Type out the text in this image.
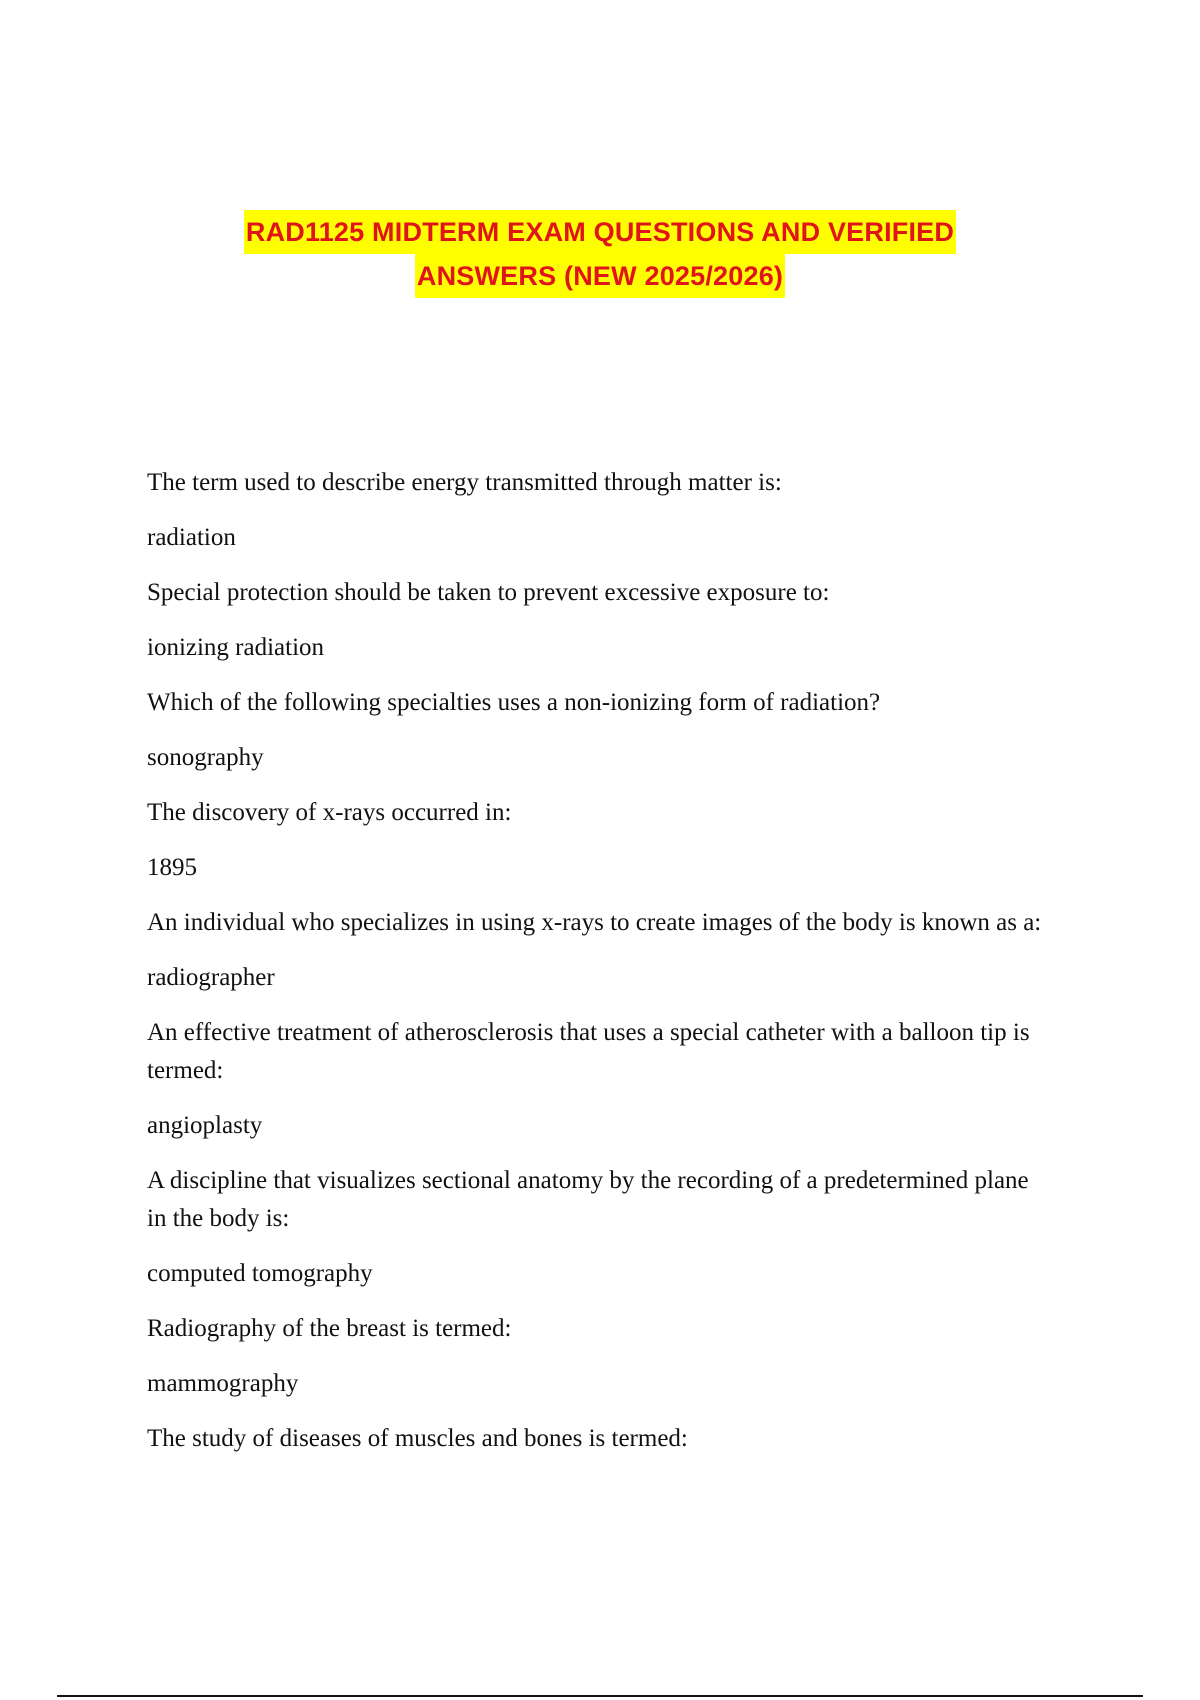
RAD1125 MIDTERM EXAM QUESTIONS AND VERIFIED
ANSWERS (NEW 2025/2026)

The term used to describe energy transmitted through matter is:

radiation

Special protection should be taken to prevent excessive exposure to:

ionizing radiation

Which of the following specialties uses a non-ionizing form of radiation?

sonography

The discovery of x-rays occurred in:

1895

An individual who specializes in using x-rays to create images of the body is known as a:

radiographer

An effective treatment of atherosclerosis that uses a special catheter with a balloon tip is termed:

angioplasty

A discipline that visualizes sectional anatomy by the recording of a predetermined plane in the body is:

computed tomography

Radiography of the breast is termed:

mammography

The study of diseases of muscles and bones is termed:
